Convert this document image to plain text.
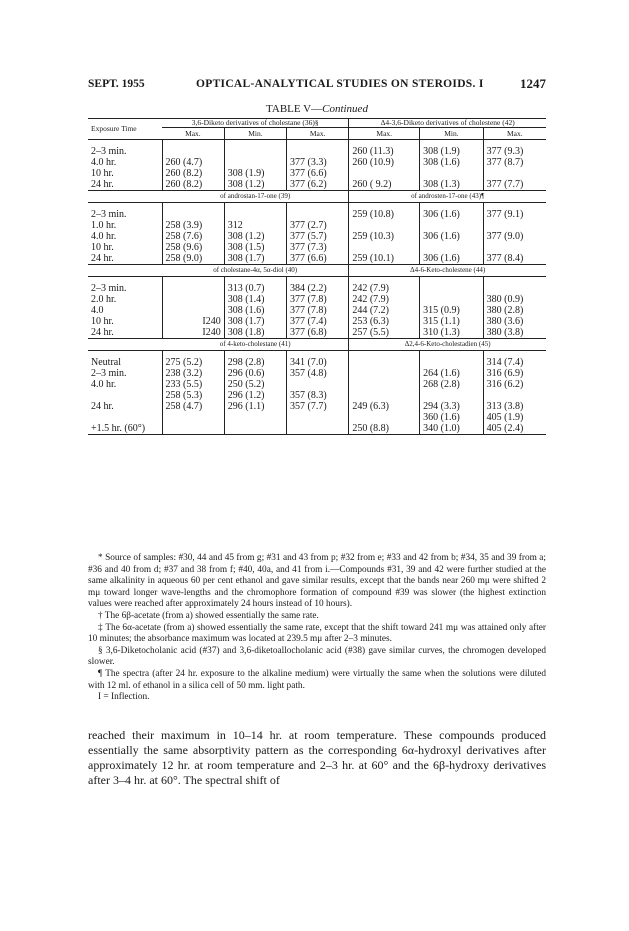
SEPT. 1955	OPTICAL-ANALYTICAL STUDIES ON STEROIDS. I	1247
TABLE V—Continued

Exposure Time	3,6-Diketo derivatives of cholestane (36)§			Δ4-3,6-Diketo derivatives of cholestene (42)		
	Max.	Min.	Max.	Max.	Min.	Max.

2–3 min.				260 (11.3)	308 (1.9)	377 (9.3)
4.0 hr.	260 (4.7)		377 (3.3)	260 (10.9)	308 (1.6)	377 (8.7)
10 hr.	260 (8.2)	308 (1.9)	377 (6.6)			
24 hr.	260 (8.2)	308 (1.2)	377 (6.2)	260 ( 9.2)	308 (1.3)	377 (7.7)

	of androstan-17-one (39)			of androsten-17-one (43)¶		

2–3 min.				259 (10.8)	306 (1.6)	377 (9.1)
1.0 hr.	258 (3.9)	312	377 (2.7)			
4.0 hr.	258 (7.6)	308 (1.2)	377 (5.7)	259 (10.3)	306 (1.6)	377 (9.0)
10 hr.	258 (9.6)	308 (1.5)	377 (7.3)			
24 hr.	258 (9.0)	308 (1.7)	377 (6.6)	259 (10.1)	306 (1.6)	377 (8.4)

	of cholestane-4α, 5α-diol (40)			Δ4-6-Keto-cholestene (44)		

2–3 min.		313 (0.7)	384 (2.2)	242 (7.9)		
2.0 hr.		308 (1.4)	377 (7.8)	242 (7.9)		380 (0.9)
4.0		308 (1.6)	377 (7.8)	244 (7.2)	315 (0.9)	380 (2.8)
10 hr.	I240	308 (1.7)	377 (7.4)	253 (6.3)	315 (1.1)	380 (3.6)
24 hr.	I240	308 (1.8)	377 (6.8)	257 (5.5)	310 (1.3)	380 (3.8)

	of 4-keto-cholestane (41)			Δ2,4-6-Keto-cholestadien (45)		

Neutral	275 (5.2)	298 (2.8)	341 (7.0)			314 (7.4)
2–3 min.	238 (3.2)	296 (0.6)	357 (4.8)		264 (1.6)	316 (6.9)
4.0 hr.	233 (5.5)	250 (5.2)			268 (2.8)	316 (6.2)
	258 (5.3)	296 (1.2)	357 (8.3)			
24 hr.	258 (4.7)	296 (1.1)	357 (7.7)	249 (6.3)	294 (3.3)	313 (3.8)
					360 (1.6)	405 (1.9)
+1.5 hr. (60°)				250 (8.8)	340 (1.0)	405 (2.4)

* Source of samples: #30, 44 and 45 from g; #31 and 43 from p; #32 from e; #33 and 42 from b; #34, 35 and 39 from a; #36 and 40 from d; #37 and 38 from f; #40, 40a, and 41 from i.—Compounds #31, 39 and 42 were further studied at the same alkalinity in aqueous 60 per cent ethanol and gave similar results, except that the bands near 260 mμ were shifted 2 mμ toward longer wave-lengths and the chromophore formation of compound #39 was slower (the highest extinction values were reached after approximately 24 hours instead of 10 hours).

† The 6β-acetate (from a) showed essentially the same rate.

‡ The 6α-acetate (from a) showed essentially the same rate, except that the shift toward 241 mμ was attained only after 10 minutes; the absorbance maximum was located at 239.5 mμ after 2–3 minutes.

§ 3,6-Diketocholanic acid (#37) and 3,6-diketoallocholanic acid (#38) gave similar curves, the chromogen developed slower.

¶ The spectra (after 24 hr. exposure to the alkaline medium) were virtually the same when the solutions were diluted with 12 ml. of ethanol in a silica cell of 50 mm. light path.

I = Inflection.

reached their maximum in 10–14 hr. at room temperature. These compounds produced essentially the same absorptivity pattern as the corresponding 6α-hydroxyl derivatives after approximately 12 hr. at room temperature and 2–3 hr. at 60° and the 6β-hydroxy derivatives after 3–4 hr. at 60°. The spectral shift of
